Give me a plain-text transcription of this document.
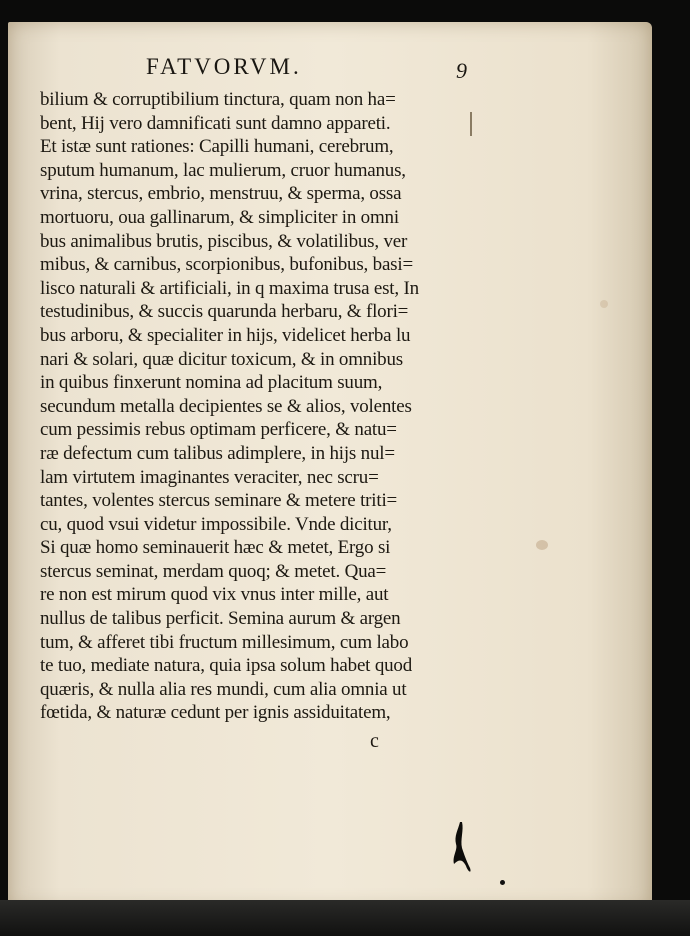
FATVORVM.	9
bilium & corruptibilium tinctura, quam non ha=
bent, Hij vero damnificati sunt damno appareti.
Et istæ sunt rationes: Capilli humani, cerebrum,
sputum humanum, lac mulierum, cruor humanus,
vrina, stercus, embrio, menstruu, & sperma, ossa
mortuoru, oua gallinarum, & simpliciter in omni
bus animalibus brutis, piscibus, & volatilibus, ver
mibus, & carnibus, scorpionibus, bufonibus, basi=
lisco naturali & artificiali, in q maxima trusa est, In
testudinibus, & succis quarunda herbaru, & flori=
bus arboru, & specialiter in hijs, videlicet herba lu
nari & solari, quæ dicitur toxicum, & in omnibus
in quibus finxerunt nomina ad placitum suum,
secundum metalla decipientes se & alios, volentes
cum pessimis rebus optimam perficere, & natu=
ræ defectum cum talibus adimplere, in hijs nul=
lam virtutem imaginantes veraciter, nec scru=
tantes, volentes stercus seminare & metere triti=
cu, quod vsui videtur impossibile. Vnde dicitur,
Si quæ homo seminauerit hæc & metet, Ergo si
stercus seminat, merdam quoq; & metet. Qua=
re non est mirum quod vix vnus inter mille, aut
nullus de talibus perficit. Semina aurum & argen
tum, & afferet tibi fructum millesimum, cum labo
te tuo, mediate natura, quia ipsa solum habet quod
quæris, & nulla alia res mundi, cum alia omnia ut
fœtida, & naturæ cedunt per ignis assiduitatem,
c
